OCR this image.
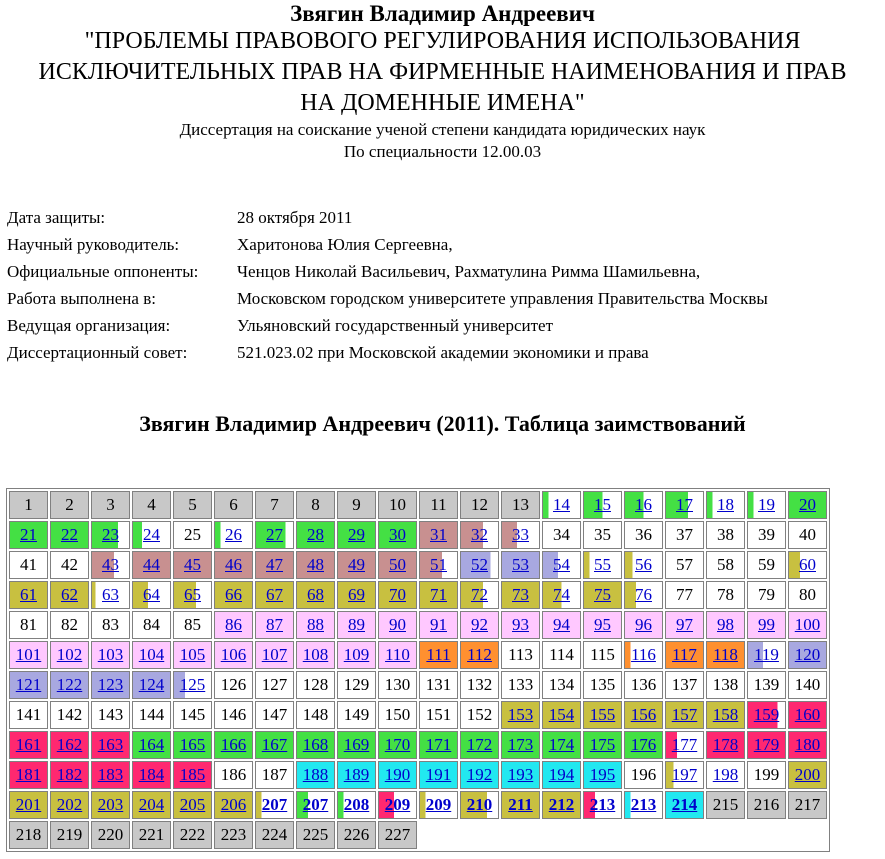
Звягин Владимир Андреевич
"ПРОБЛЕМЫ ПРАВОВОГО РЕГУЛИРОВАНИЯ ИСПОЛЬЗОВАНИЯ
ИСКЛЮЧИТЕЛЬНЫХ ПРАВ НА ФИРМЕННЫЕ НАИМЕНОВАНИЯ И ПРАВ
НА ДОМЕННЫЕ ИМЕНА"
Диссертация на соискание ученой степени кандидата юридических наук
По специальности 12.00.03
Дата защиты:	28 октября 2011
Научный руководитель:	Харитонова Юлия Сергеевна,
Официальные оппоненты:	Ченцов Николай Васильевич, Рахматулина Римма Шамильевна,
Работа выполнена в:	Московском городском университете управления Правительства Москвы
Ведущая организация:	Ульяновский государственный университет
Диссертационный совет:	521.023.02 при Московской академии экономики и права
Звягин Владимир Андреевич (2011). Таблица заимствований
1	2	3	4	5	6	7	8	9	10	11	12	13	14	15	16	17	18	19	20
21	22	23	24	25	26	27	28	29	30	31	32	33	34	35	36	37	38	39	40
41	42	43	44	45	46	47	48	49	50	51	52	53	54	55	56	57	58	59	60
61	62	63	64	65	66	67	68	69	70	71	72	73	74	75	76	77	78	79	80
81	82	83	84	85	86	87	88	89	90	91	92	93	94	95	96	97	98	99	100
101	102	103	104	105	106	107	108	109	110	111	112	113	114	115	116	117	118	119	120
121	122	123	124	125	126	127	128	129	130	131	132	133	134	135	136	137	138	139	140
141	142	143	144	145	146	147	148	149	150	151	152	153	154	155	156	157	158	159	160
161	162	163	164	165	166	167	168	169	170	171	172	173	174	175	176	177	178	179	180
181	182	183	184	185	186	187	188	189	190	191	192	193	194	195	196	197	198	199	200
201	202	203	204	205	206	207	207	208	209	209	210	211	212	213	213	214	215	216	217
218	219	220	221	222	223	224	225	226	227										
